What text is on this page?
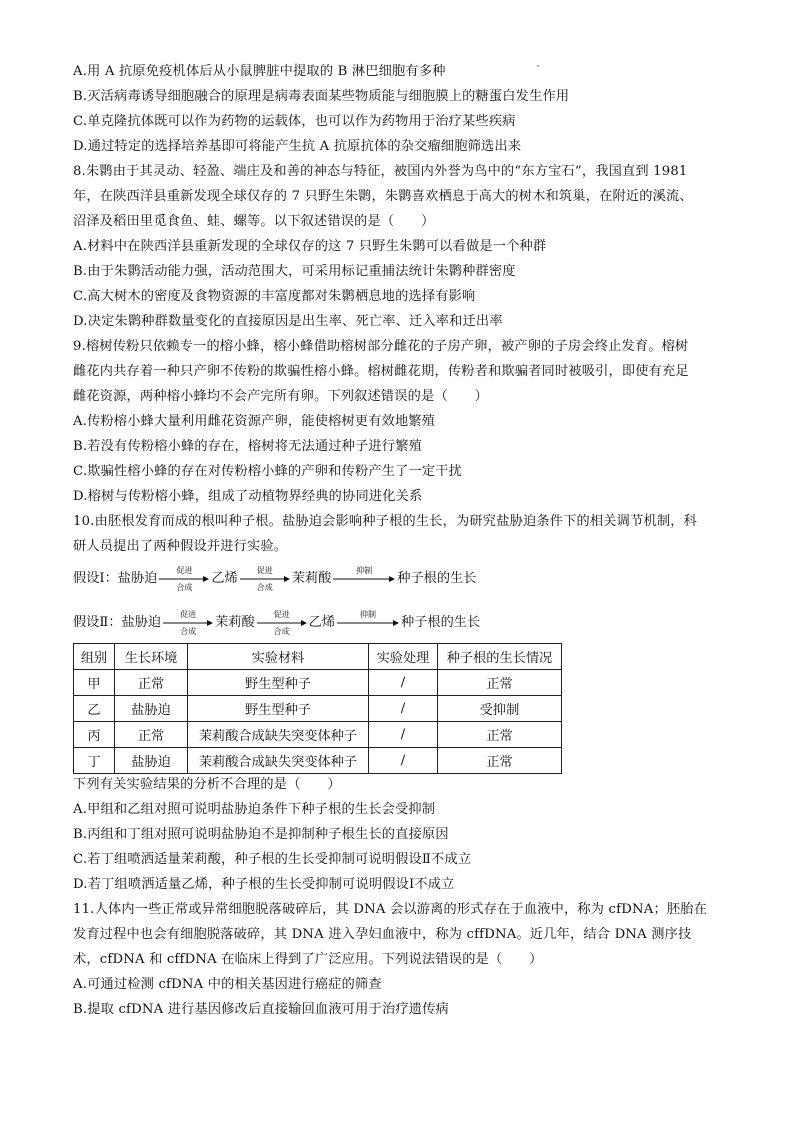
A.用 A 抗原免疫机体后从小鼠脾脏中提取的 B 淋巴细胞有多种
B.灭活病毒诱导细胞融合的原理是病毒表面某些物质能与细胞膜上的糖蛋白发生作用
C.单克隆抗体既可以作为药物的运载体，也可以作为药物用于治疗某些疾病
D.通过特定的选择培养基即可将能产生抗 A 抗原抗体的杂交瘤细胞筛选出来
8.朱鹮由于其灵动、轻盈、端庄及和善的神态与特征，被国内外誉为鸟中的“东方宝石”，我国直到 1981
年，在陕西洋县重新发现全球仅存的 7 只野生朱鹮，朱鹮喜欢栖息于高大的树木和筑巢，在附近的溪流、
沼泽及稻田里觅食鱼、蛙、螺等。以下叙述错误的是（　　）
A.材料中在陕西洋县重新发现的全球仅存的这 7 只野生朱鹮可以看做是一个种群
B.由于朱鹮活动能力强，活动范围大，可采用标记重捕法统计朱鹮种群密度
C.高大树木的密度及食物资源的丰富度都对朱鹮栖息地的选择有影响
D.决定朱鹮种群数量变化的直接原因是出生率、死亡率、迁入率和迁出率
9.榕树传粉只依赖专一的榕小蜂，榕小蜂借助榕树部分雌花的子房产卵，被产卵的子房会终止发育。榕树
雌花内共存着一种只产卵不传粉的欺骗性榕小蜂。榕树雌花期，传粉者和欺骗者同时被吸引，即使有充足
雌花资源，两种榕小蜂均不会产完所有卵。下列叙述错误的是（　　）
A.传粉榕小蜂大量利用雌花资源产卵，能使榕树更有效地繁殖
B.若没有传粉榕小蜂的存在，榕树将无法通过种子进行繁殖
C.欺骗性榕小蜂的存在对传粉榕小蜂的产卵和传粉产生了一定干扰
D.榕树与传粉榕小蜂，组成了动植物界经典的协同进化关系
10.由胚根发育而成的根叫种子根。盐胁迫会影响种子根的生长，为研究盐胁迫条件下的相关调节机制，科
研人员提出了两种假设并进行实验。
假设Ⅰ：盐胁迫
促进
合成
乙烯
促进
合成
茉莉酸
抑制
种子根的生长
假设Ⅱ：盐胁迫
促进
合成
茉莉酸
促进
合成
乙烯
抑制
种子根的生长
组别	生长环境	实验材料	实验处理	种子根的生长情况
甲	正常	野生型种子	/	正常
乙	盐胁迫	野生型种子	/	受抑制
丙	正常	茉莉酸合成缺失突变体种子	/	正常
丁	盐胁迫	茉莉酸合成缺失突变体种子	/	正常
下列有关实验结果的分析不合理的是（　　）
A.甲组和乙组对照可说明盐胁迫条件下种子根的生长会受抑制
B.丙组和丁组对照可说明盐胁迫不是抑制种子根生长的直接原因
C.若丁组喷洒适量茉莉酸，种子根的生长受抑制可说明假设Ⅱ不成立
D.若丁组喷洒适量乙烯，种子根的生长受抑制可说明假设Ⅰ不成立
11.人体内一些正常或异常细胞脱落破碎后，其 DNA 会以游离的形式存在于血液中，称为 cfDNA；胚胎在
发育过程中也会有细胞脱落破碎，其 DNA 进入孕妇血液中，称为 cffDNA。近几年，结合 DNA 测序技
术，cfDNA 和 cffDNA 在临床上得到了广泛应用。下列说法错误的是（　　）
A.可通过检测 cfDNA 中的相关基因进行癌症的筛查
B.提取 cfDNA 进行基因修改后直接输回血液可用于治疗遗传病
